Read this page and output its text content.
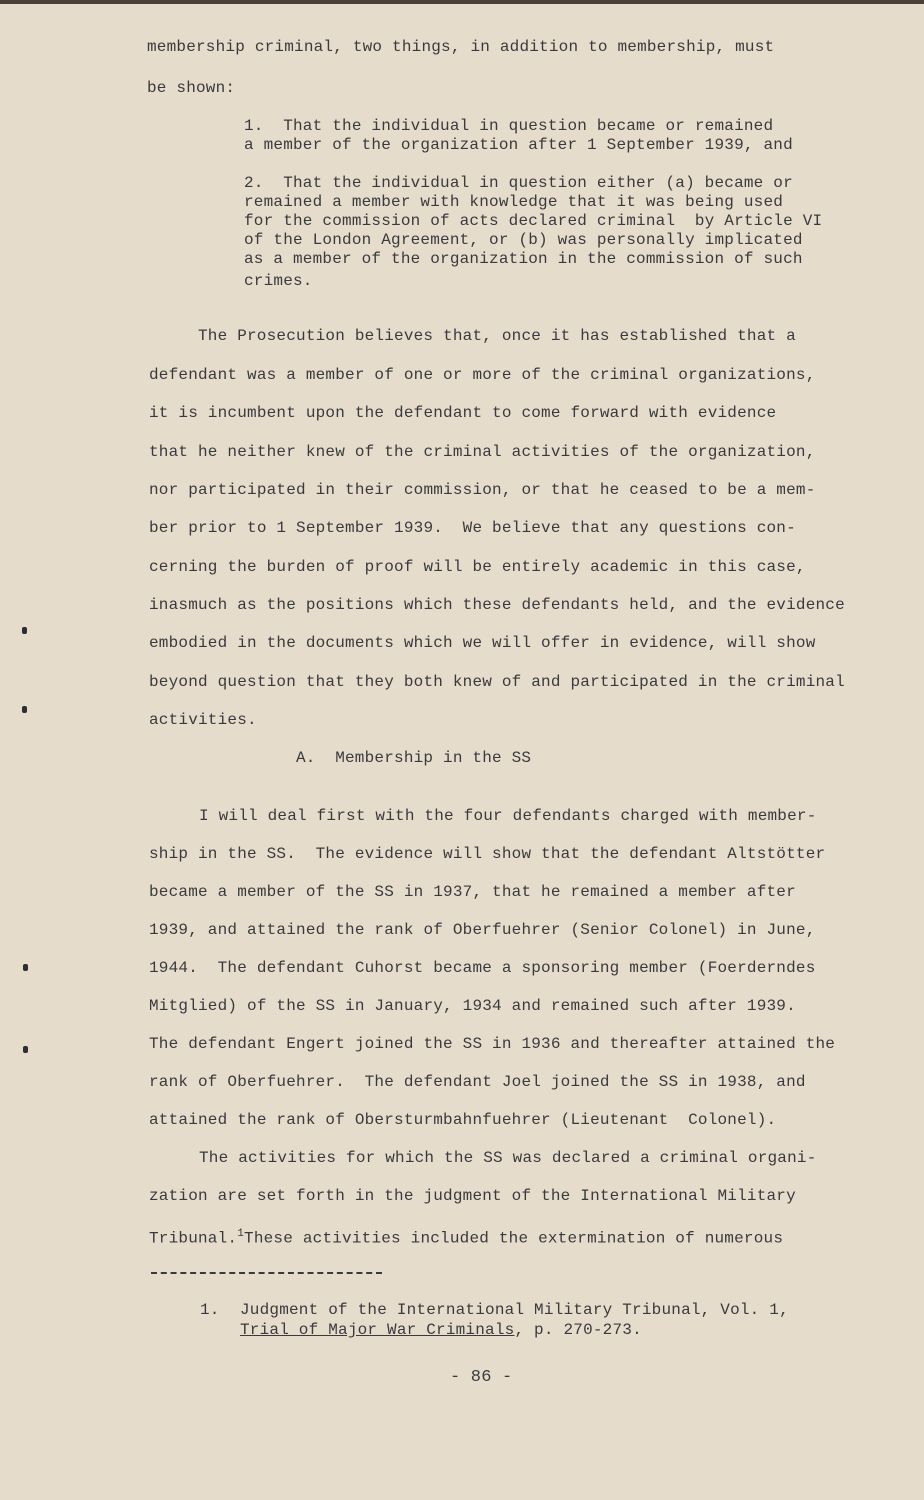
membership criminal, two things, in addition to membership, must
be shown:
1.  That the individual in question became or remained
a member of the organization after 1 September 1939, and
2.  That the individual in question either (a) became or
remained a member with knowledge that it was being used
for the commission of acts declared criminal  by Article VI
of the London Agreement, or (b) was personally implicated
as a member of the organization in the commission of such
crimes.
The Prosecution believes that, once it has established that a
defendant was a member of one or more of the criminal organizations,
it is incumbent upon the defendant to come forward with evidence
that he neither knew of the criminal activities of the organization,
nor participated in their commission, or that he ceased to be a mem-
ber prior to 1 September 1939.  We believe that any questions con-
cerning the burden of proof will be entirely academic in this case,
inasmuch as the positions which these defendants held, and the evidence
embodied in the documents which we will offer in evidence, will show
beyond question that they both knew of and participated in the criminal
activities.
A.  Membership in the SS
I will deal first with the four defendants charged with member-
ship in the SS.  The evidence will show that the defendant Altstötter
became a member of the SS in 1937, that he remained a member after
1939, and attained the rank of Oberfuehrer (Senior Colonel) in June,
1944.  The defendant Cuhorst became a sponsoring member (Foerderndes
Mitglied) of the SS in January, 1934 and remained such after 1939.
The defendant Engert joined the SS in 1936 and thereafter attained the
rank of Oberfuehrer.  The defendant Joel joined the SS in 1938, and
attained the rank of Obersturmbahnfuehrer (Lieutenant  Colonel).
The activities for which the SS was declared a criminal organi-
zation are set forth in the judgment of the International Military
Tribunal.$^1$These activities included the extermination of numerous
1. Judgment of the International Military Tribunal, Vol. 1,
Trial of Major War Criminals, p. 270-273.
- 86 -
